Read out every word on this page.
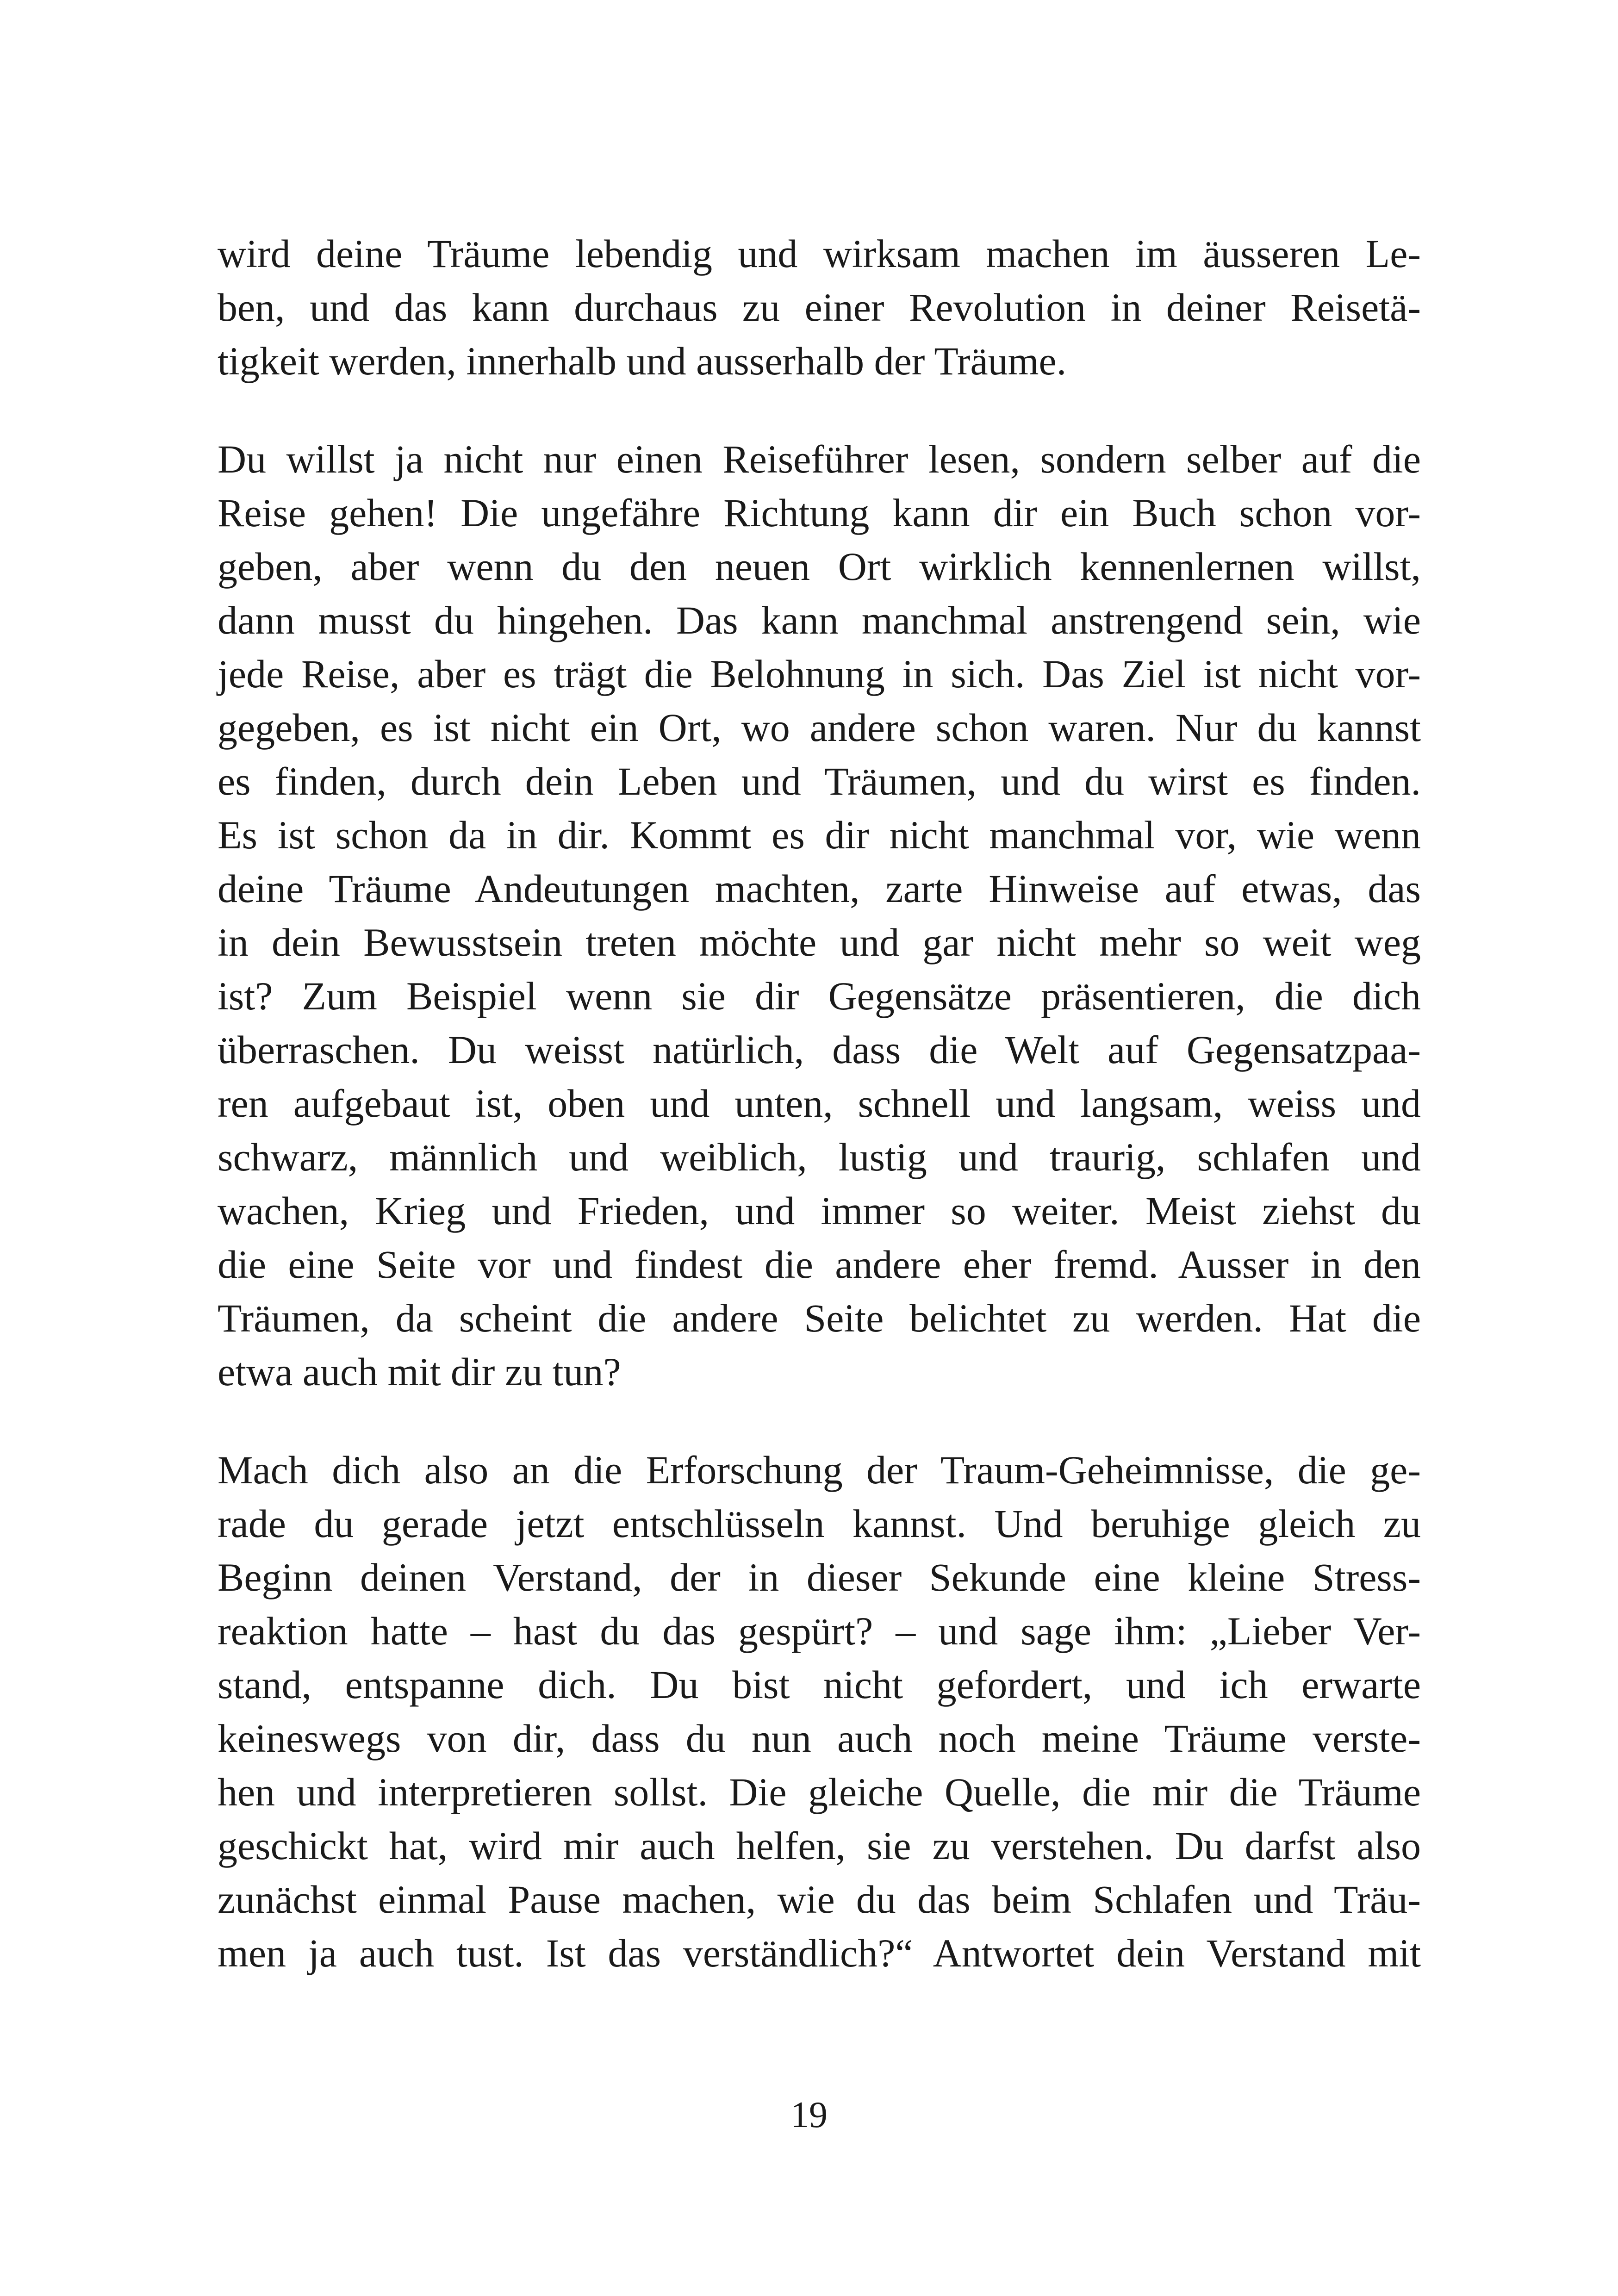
wird deine Träume lebendig und wirksam machen im äusseren Le-
ben, und das kann durchaus zu einer Revolution in deiner Reisetä-
tigkeit werden, innerhalb und ausserhalb der Träume.

Du willst ja nicht nur einen Reiseführer lesen, sondern selber auf die
Reise gehen! Die ungefähre Richtung kann dir ein Buch schon vor-
geben, aber wenn du den neuen Ort wirklich kennenlernen willst,
dann musst du hingehen. Das kann manchmal anstrengend sein, wie
jede Reise, aber es trägt die Belohnung in sich. Das Ziel ist nicht vor-
gegeben, es ist nicht ein Ort, wo andere schon waren. Nur du kannst
es finden, durch dein Leben und Träumen, und du wirst es finden.
Es ist schon da in dir. Kommt es dir nicht manchmal vor, wie wenn
deine Träume Andeutungen machten, zarte Hinweise auf etwas, das
in dein Bewusstsein treten möchte und gar nicht mehr so weit weg
ist? Zum Beispiel wenn sie dir Gegensätze präsentieren, die dich
überraschen. Du weisst natürlich, dass die Welt auf Gegensatzpaa-
ren aufgebaut ist, oben und unten, schnell und langsam, weiss und
schwarz, männlich und weiblich, lustig und traurig, schlafen und
wachen, Krieg und Frieden, und immer so weiter. Meist ziehst du
die eine Seite vor und findest die andere eher fremd. Ausser in den
Träumen, da scheint die andere Seite belichtet zu werden. Hat die
etwa auch mit dir zu tun?

Mach dich also an die Erforschung der Traum-Geheimnisse, die ge-
rade du gerade jetzt entschlüsseln kannst. Und beruhige gleich zu
Beginn deinen Verstand, der in dieser Sekunde eine kleine Stress-
reaktion hatte – hast du das gespürt? – und sage ihm: „Lieber Ver-
stand, entspanne dich. Du bist nicht gefordert, und ich erwarte
keineswegs von dir, dass du nun auch noch meine Träume verste-
hen und interpretieren sollst. Die gleiche Quelle, die mir die Träume
geschickt hat, wird mir auch helfen, sie zu verstehen. Du darfst also
zunächst einmal Pause machen, wie du das beim Schlafen und Träu-
men ja auch tust. Ist das verständlich?“ Antwortet dein Verstand mit

19
